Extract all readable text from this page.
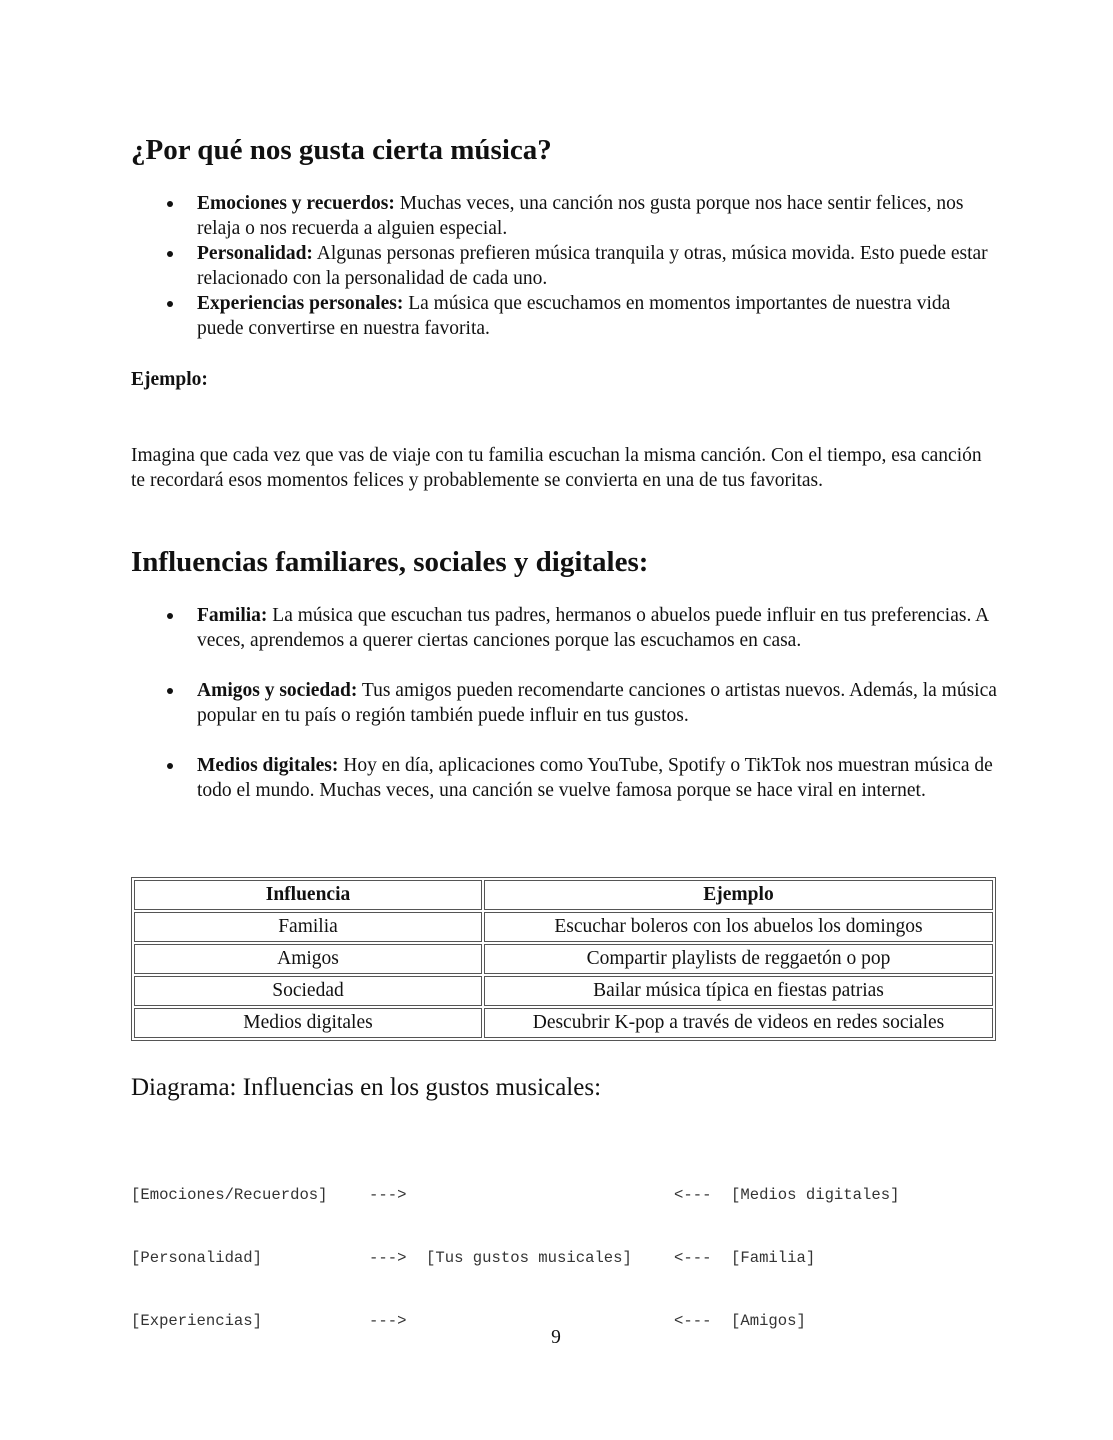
¿Por qué nos gusta cierta música?
Emociones y recuerdos: Muchas veces, una canción nos gusta porque nos hace sentir felices, nos relaja o nos recuerda a alguien especial.
Personalidad: Algunas personas prefieren música tranquila y otras, música movida. Esto puede estar relacionado con la personalidad de cada uno.
Experiencias personales: La música que escuchamos en momentos importantes de nuestra vida puede convertirse en nuestra favorita.

Ejemplo:

Imagina que cada vez que vas de viaje con tu familia escuchan la misma canción. Con el tiempo, esa canción te recordará esos momentos felices y probablemente se convierta en una de tus favoritas.

Influencias familiares, sociales y digitales:
Familia: La música que escuchan tus padres, hermanos o abuelos puede influir en tus preferencias. A veces, aprendemos a querer ciertas canciones porque las escuchamos en casa.
Amigos y sociedad: Tus amigos pueden recomendarte canciones o artistas nuevos. Además, la música popular en tu país o región también puede influir en tus gustos.
Medios digitales: Hoy en día, aplicaciones como YouTube, Spotify o TikTok nos muestran música de todo el mundo. Muchas veces, una canción se vuelve famosa porque se hace viral en internet.
Influencia	Ejemplo
Familia	Escuchar boleros con los abuelos los domingos
Amigos	Compartir playlists de reggaetón o pop
Sociedad	Bailar música típica en fiestas patrias
Medios digitales	Descubrir K-pop a través de videos en redes sociales

Diagrama: Influencias en los gustos musicales:

[Emociones/Recuerdos]	--->	<--- [Medios digitales]

[Personalidad]	---> [Tus gustos musicales]	<--- [Familia]

[Experiencias]	--->	<--- [Amigos]

9
